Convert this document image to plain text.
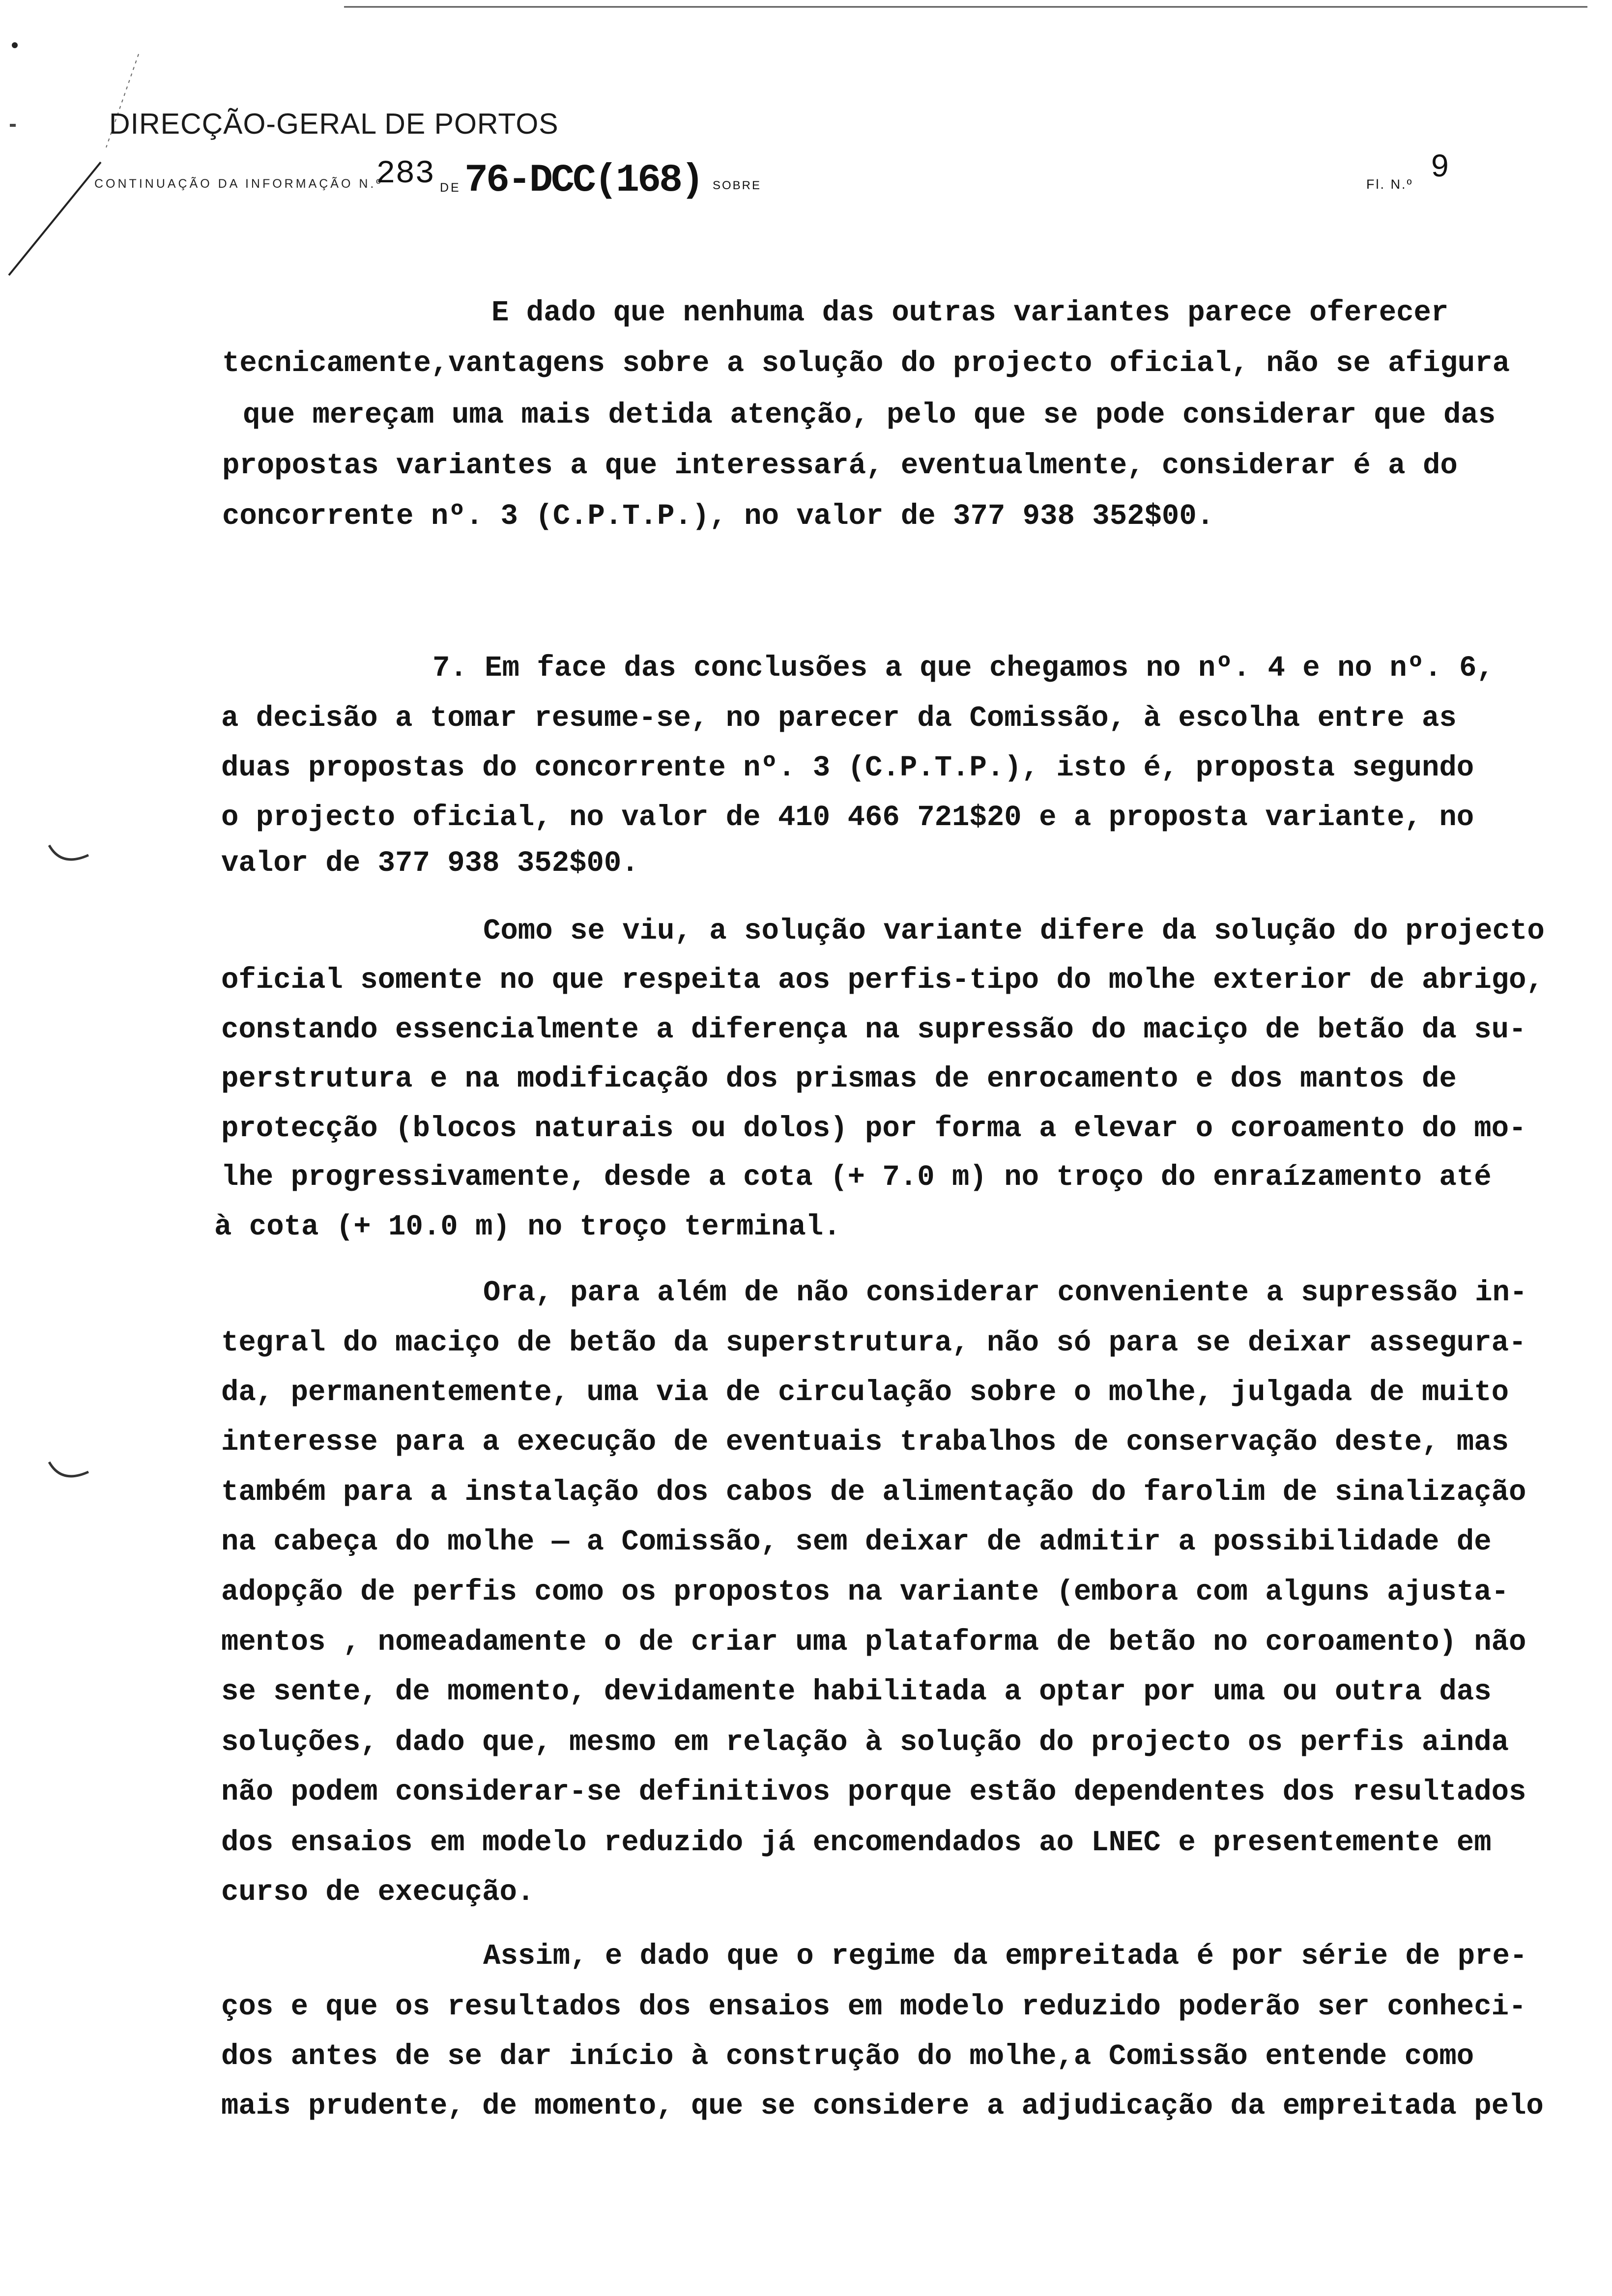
DIRECÇÃO-GERAL DE PORTOS
CONTINUAÇÃO DA INFORMAÇÃO N.º
283 DE 76-DCC(168) SOBRE	Fl. N.º
9
E dado que nenhuma das outras variantes parece oferecer
tecnicamente,vantagens sobre a solução do projecto oficial, não se afigura
que mereçam uma mais detida atenção, pelo que se pode considerar que das
propostas variantes a que interessará, eventualmente, considerar é a do
concorrente nº. 3 (C.P.T.P.), no valor de 377 938 352$00.
7. Em face das conclusões a que chegamos no nº. 4 e no nº. 6,
a decisão a tomar resume-se, no parecer da Comissão, à escolha entre as
duas propostas do concorrente nº. 3 (C.P.T.P.), isto é, proposta segundo
o projecto oficial, no valor de 410 466 721$20 e a proposta variante, no
valor de 377 938 352$00.
Como se viu, a solução variante difere da solução do projecto
oficial somente no que respeita aos perfis-tipo do molhe exterior de abrigo,
constando essencialmente a diferença na supressão do maciço de betão da su-
perstrutura e na modificação dos prismas de enrocamento e dos mantos de
protecção (blocos naturais ou dolos) por forma a elevar o coroamento do mo-
lhe progressivamente, desde a cota (+ 7.0 m) no troço do enraízamento até
à cota (+ 10.0 m) no troço terminal.
Ora, para além de não considerar conveniente a supressão in-
tegral do maciço de betão da superstrutura, não só para se deixar assegura-
da, permanentemente, uma via de circulação sobre o molhe, julgada de muito
interesse para a execução de eventuais trabalhos de conservação deste, mas
também para a instalação dos cabos de alimentação do farolim de sinalização
na cabeça do molhe — a Comissão, sem deixar de admitir a possibilidade de
adopção de perfis como os propostos na variante (embora com alguns ajusta-
mentos , nomeadamente o de criar uma plataforma de betão no coroamento) não
se sente, de momento, devidamente habilitada a optar por uma ou outra das
soluções, dado que, mesmo em relação à solução do projecto os perfis ainda
não podem considerar-se definitivos porque estão dependentes dos resultados
dos ensaios em modelo reduzido já encomendados ao LNEC e presentemente em
curso de execução.
Assim, e dado que o regime da empreitada é por série de pre-
ços e que os resultados dos ensaios em modelo reduzido poderão ser conheci-
dos antes de se dar início à construção do molhe,a Comissão entende como
mais prudente, de momento, que se considere a adjudicação da empreitada pelo
